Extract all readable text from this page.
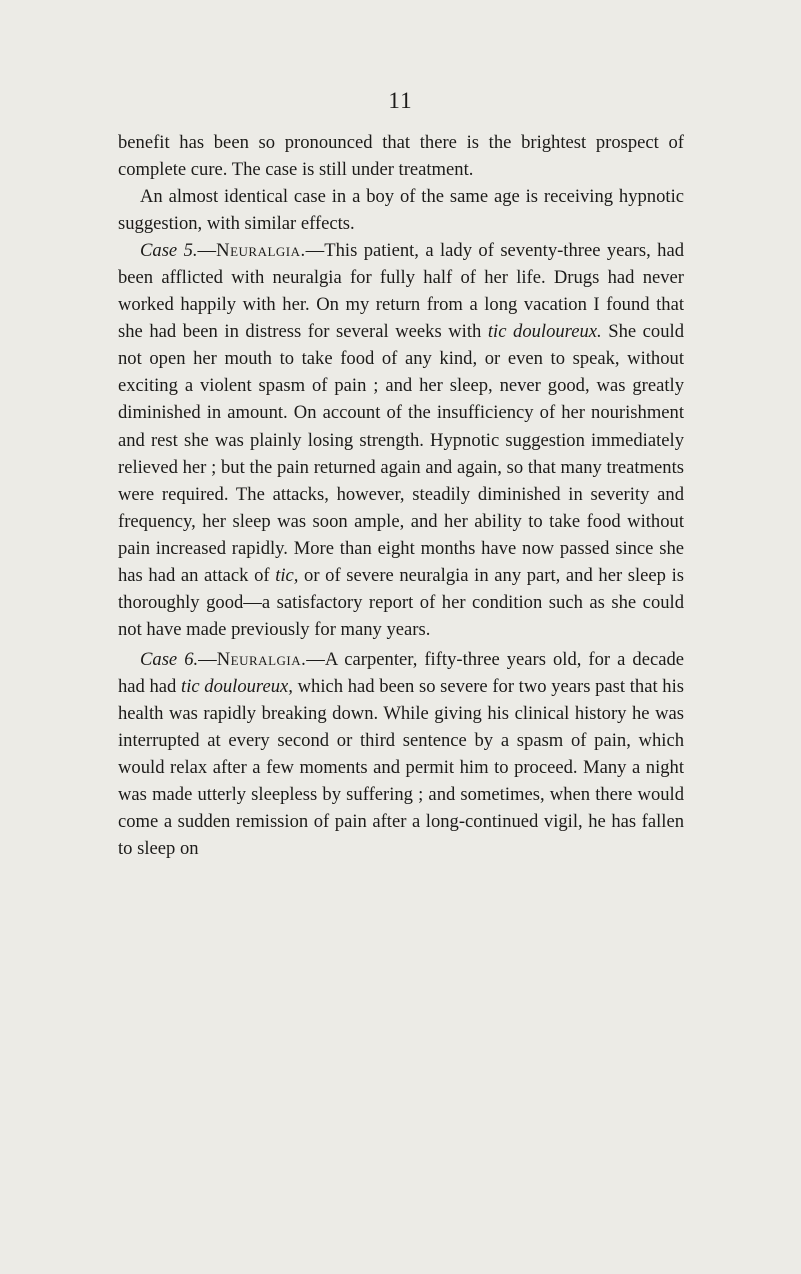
11

benefit has been so pronounced that there is the brightest prospect of complete cure. The case is still under treatment.

An almost identical case in a boy of the same age is receiving hypnotic suggestion, with similar effects.

Case 5.—Neuralgia.—This patient, a lady of seventy-three years, had been afflicted with neuralgia for fully half of her life. Drugs had never worked happily with her. On my return from a long vacation I found that she had been in distress for several weeks with tic douloureux. She could not open her mouth to take food of any kind, or even to speak, without exciting a violent spasm of pain ; and her sleep, never good, was greatly diminished in amount. On account of the insufficiency of her nourishment and rest she was plainly losing strength. Hypnotic suggestion immediately relieved her ; but the pain returned again and again, so that many treatments were required. The attacks, however, steadily diminished in severity and frequency, her sleep was soon ample, and her ability to take food without pain increased rapidly. More than eight months have now passed since she has had an attack of tic, or of severe neuralgia in any part, and her sleep is thoroughly good—a satisfactory report of her condition such as she could not have made previously for many years.

Case 6.—Neuralgia.—A carpenter, fifty-three years old, for a decade had had tic douloureux, which had been so severe for two years past that his health was rapidly breaking down. While giving his clinical history he was interrupted at every second or third sentence by a spasm of pain, which would relax after a few moments and permit him to proceed. Many a night was made utterly sleepless by suffering ; and sometimes, when there would come a sudden remission of pain after a long-continued vigil, he has fallen to sleep on
